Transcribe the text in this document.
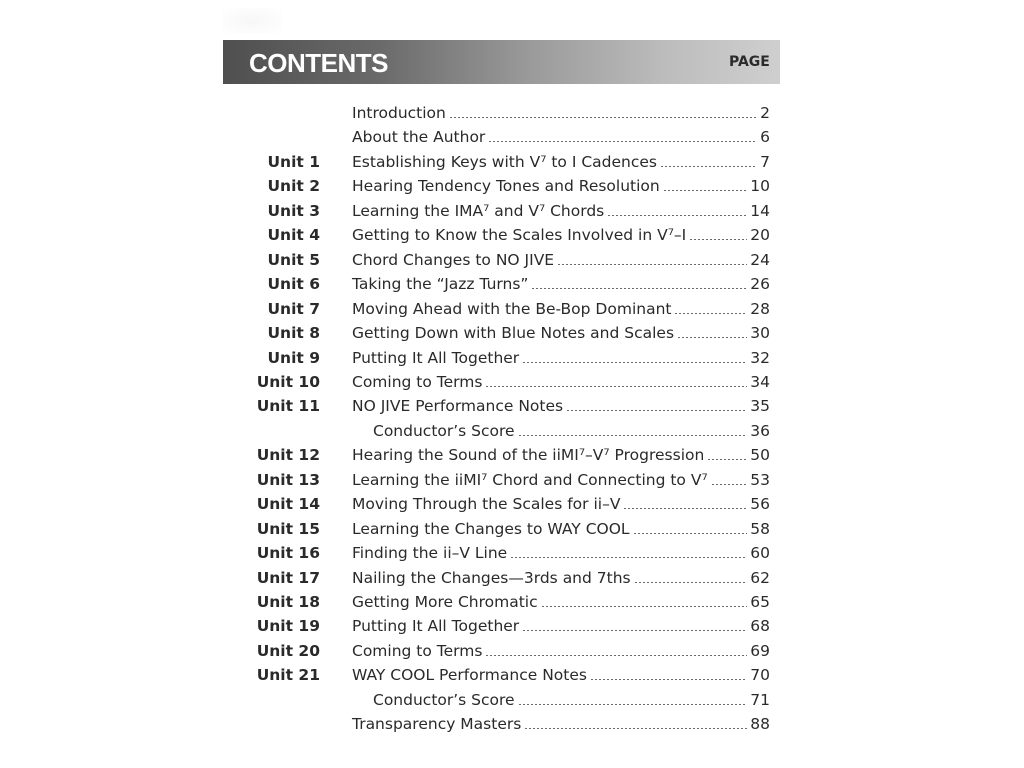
CONTENTS	PAGE
Introduction	2
About the Author	6
Unit 1 Establishing Keys with V⁷ to I Cadences	7
Unit 2 Hearing Tendency Tones and Resolution	10
Unit 3 Learning the IMA⁷ and V⁷ Chords	14
Unit 4 Getting to Know the Scales Involved in V⁷–I	20
Unit 5 Chord Changes to NO JIVE	24
Unit 6 Taking the “Jazz Turns”	26
Unit 7 Moving Ahead with the Be-Bop Dominant	28
Unit 8 Getting Down with Blue Notes and Scales	30
Unit 9 Putting It All Together	32
Unit 10 Coming to Terms	34
Unit 11 NO JIVE Performance Notes	35
Conductor’s Score	36
Unit 12 Hearing the Sound of the iiMI⁷–V⁷ Progression	50
Unit 13 Learning the iiMI⁷ Chord and Connecting to V⁷	53
Unit 14 Moving Through the Scales for ii–V	56
Unit 15 Learning the Changes to WAY COOL	58
Unit 16 Finding the ii–V Line	60
Unit 17 Nailing the Changes—3rds and 7ths	62
Unit 18 Getting More Chromatic	65
Unit 19 Putting It All Together	68
Unit 20 Coming to Terms	69
Unit 21 WAY COOL Performance Notes	70
Conductor’s Score	71
Transparency Masters	88
